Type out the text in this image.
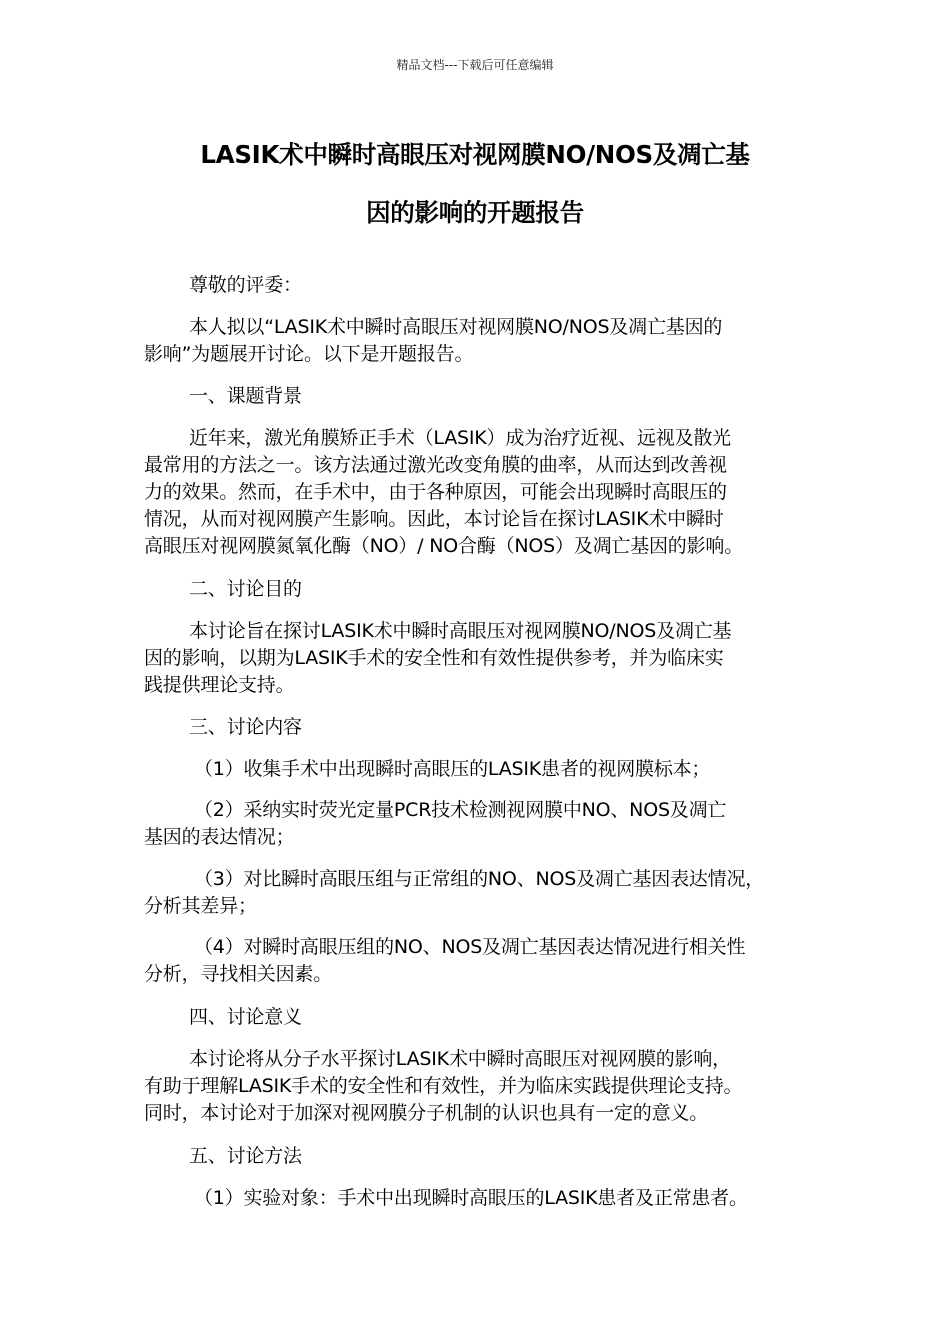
精品文档---下载后可任意编辑
LASIK术中瞬时高眼压对视网膜NO/NOS及凋亡基
因的影响的开题报告
尊敬的评委：
本人拟以“LASIK术中瞬时高眼压对视网膜NO/NOS及凋亡基因的
影响”为题展开讨论。以下是开题报告。
一、课题背景
近年来，激光角膜矫正手术（LASIK）成为治疗近视、远视及散光
最常用的方法之一。该方法通过激光改变角膜的曲率，从而达到改善视
力的效果。然而，在手术中，由于各种原因，可能会出现瞬时高眼压的
情况，从而对视网膜产生影响。因此，本讨论旨在探讨LASIK术中瞬时
高眼压对视网膜氮氧化酶（NO）/ NO合酶（NOS）及凋亡基因的影响。
二、讨论目的
本讨论旨在探讨LASIK术中瞬时高眼压对视网膜NO/NOS及凋亡基
因的影响，以期为LASIK手术的安全性和有效性提供参考，并为临床实
践提供理论支持。
三、讨论内容
（1）收集手术中出现瞬时高眼压的LASIK患者的视网膜标本；
（2）采纳实时荧光定量PCR技术检测视网膜中NO、NOS及凋亡
基因的表达情况；
（3）对比瞬时高眼压组与正常组的NO、NOS及凋亡基因表达情况，
分析其差异；
（4）对瞬时高眼压组的NO、NOS及凋亡基因表达情况进行相关性
分析，寻找相关因素。
四、讨论意义
本讨论将从分子水平探讨LASIK术中瞬时高眼压对视网膜的影响，
有助于理解LASIK手术的安全性和有效性，并为临床实践提供理论支持。
同时，本讨论对于加深对视网膜分子机制的认识也具有一定的意义。
五、讨论方法
（1）实验对象：手术中出现瞬时高眼压的LASIK患者及正常患者。
